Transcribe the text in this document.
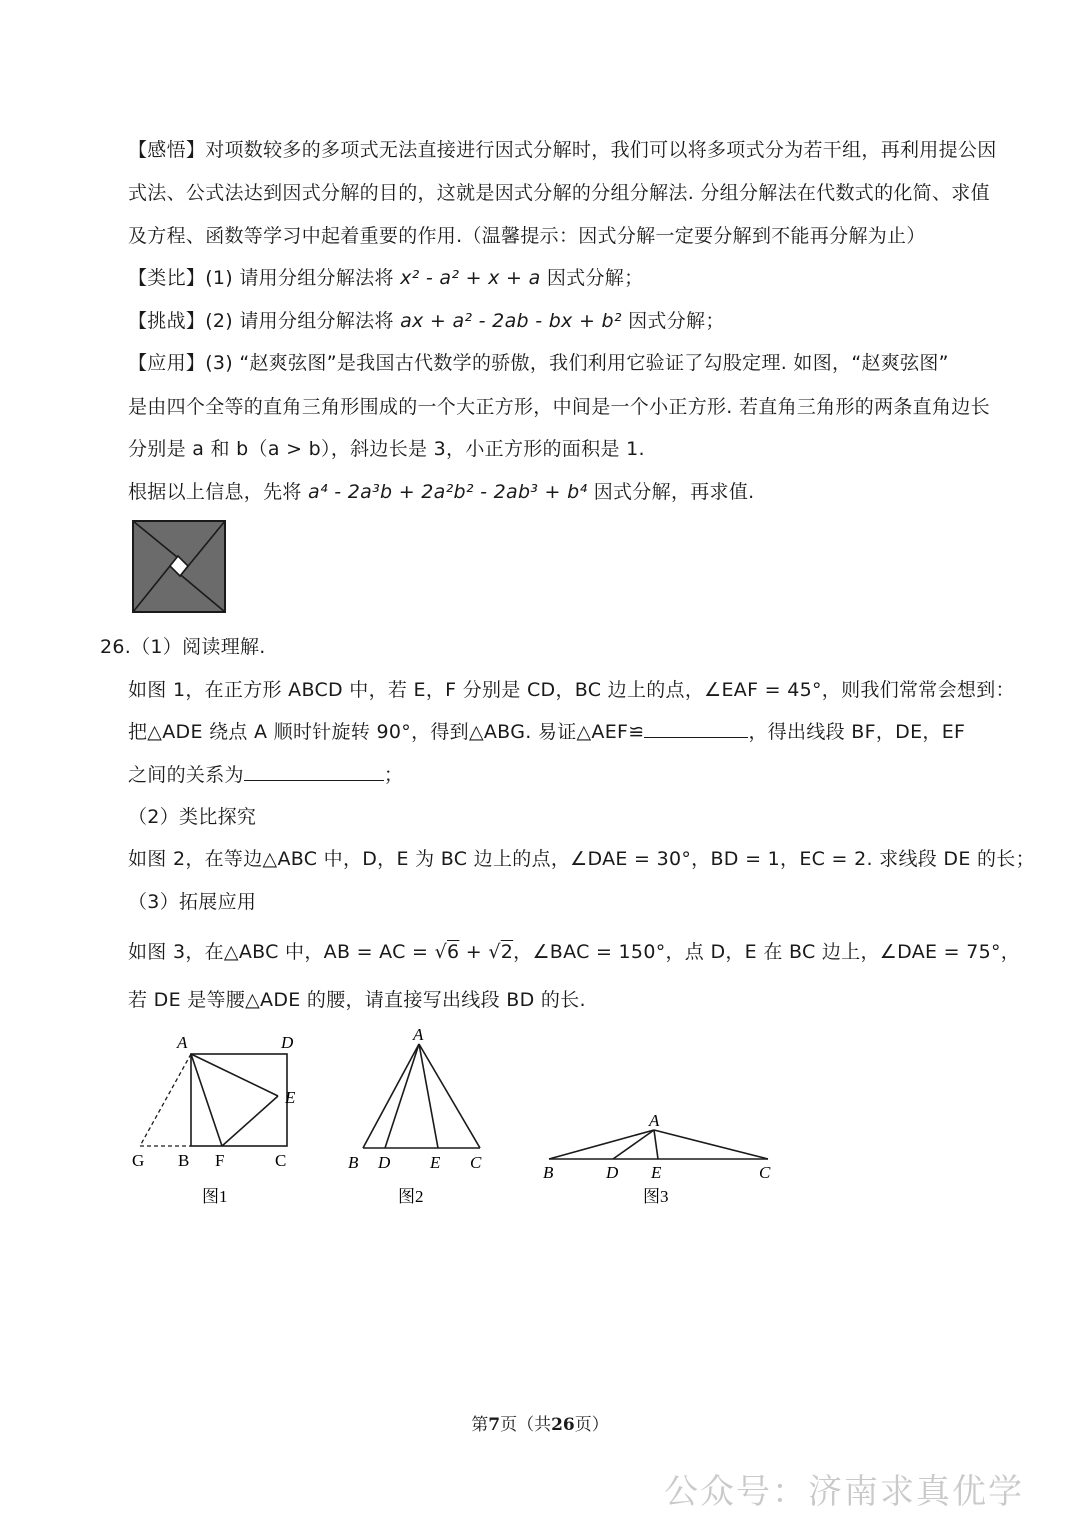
【感悟】对项数较多的多项式无法直接进行因式分解时，我们可以将多项式分为若干组，再利用提公因
式法、公式法达到因式分解的目的，这就是因式分解的分组分解法. 分组分解法在代数式的化简、求值
及方程、函数等学习中起着重要的作用.（温馨提示：因式分解一定要分解到不能再分解为止）
【类比】(1) 请用分组分解法将 x² - a² + x + a 因式分解；
【挑战】(2) 请用分组分解法将 ax + a² - 2ab - bx + b² 因式分解；
【应用】(3) “赵爽弦图”是我国古代数学的骄傲，我们利用它验证了勾股定理. 如图，“赵爽弦图”
是由四个全等的直角三角形围成的一个大正方形，中间是一个小正方形. 若直角三角形的两条直角边长
分别是 a 和 b（a > b），斜边长是 3，小正方形的面积是 1.
根据以上信息，先将 a⁴ - 2a³b + 2a²b² - 2ab³ + b⁴ 因式分解，再求值.
26.（1）阅读理解.
如图 1，在正方形 ABCD 中，若 E，F 分别是 CD，BC 边上的点，∠EAF = 45°，则我们常常会想到：
把△ADE 绕点 A 顺时针旋转 90°，得到△ABG. 易证△AEF≌	，得出线段 BF，DE，EF
之间的关系为	；
（2）类比探究
如图 2，在等边△ABC 中，D，E 为 BC 边上的点，∠DAE = 30°，BD = 1，EC = 2. 求线段 DE 的长；
（3）拓展应用
如图 3，在△ABC 中，AB = AC = √6 + √2，∠BAC = 150°，点 D，E 在 BC 边上，∠DAE = 75°，
若 DE 是等腰△ADE 的腰，请直接写出线段 BD 的长.
A	D
E
G B F	C
图1
A
B D E C
图2
A
B	D E	C
图3
第7页（共26页）
公众号：济南求真优学
